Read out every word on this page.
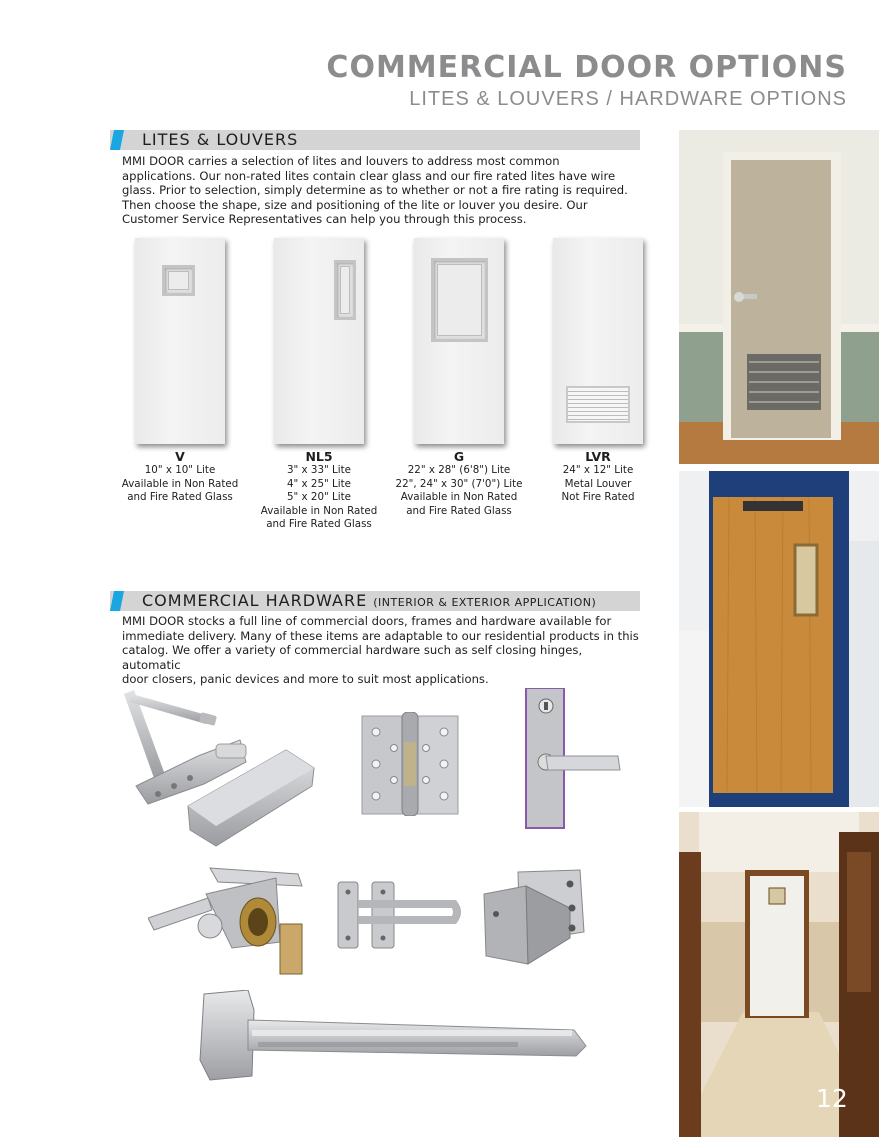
COMMERCIAL DOOR OPTIONS
LITES & LOUVERS / HARDWARE OPTIONS
LITES & LOUVERS
MMI DOOR carries a selection of lites and louvers to address most common
applications. Our non-rated lites contain clear glass and our fire rated lites have wire
glass. Prior to selection, simply determine as to whether or not a fire rating is required.
Then choose the shape, size and positioning of the lite or louver you desire. Our
Customer Service Representatives can help you through this process.
V
10" x 10" Lite
Available in Non Rated
and Fire Rated Glass
NL5
3" x 33" Lite
4" x 25" Lite
5" x 20" Lite
Available in Non Rated
and Fire Rated Glass
G
22" x 28" (6'8") Lite
22", 24" x 30" (7'0") Lite
Available in Non Rated
and Fire Rated Glass
LVR
24" x 12" Lite
Metal Louver
Not Fire Rated
COMMERCIAL HARDWARE (INTERIOR & EXTERIOR APPLICATION)
MMI DOOR stocks a full line of commercial doors, frames and hardware available for
immediate delivery. Many of these items are adaptable to our residential products in this
catalog. We offer a variety of commercial hardware such as self closing hinges, automatic
door closers, panic devices and more to suit most applications.
12
